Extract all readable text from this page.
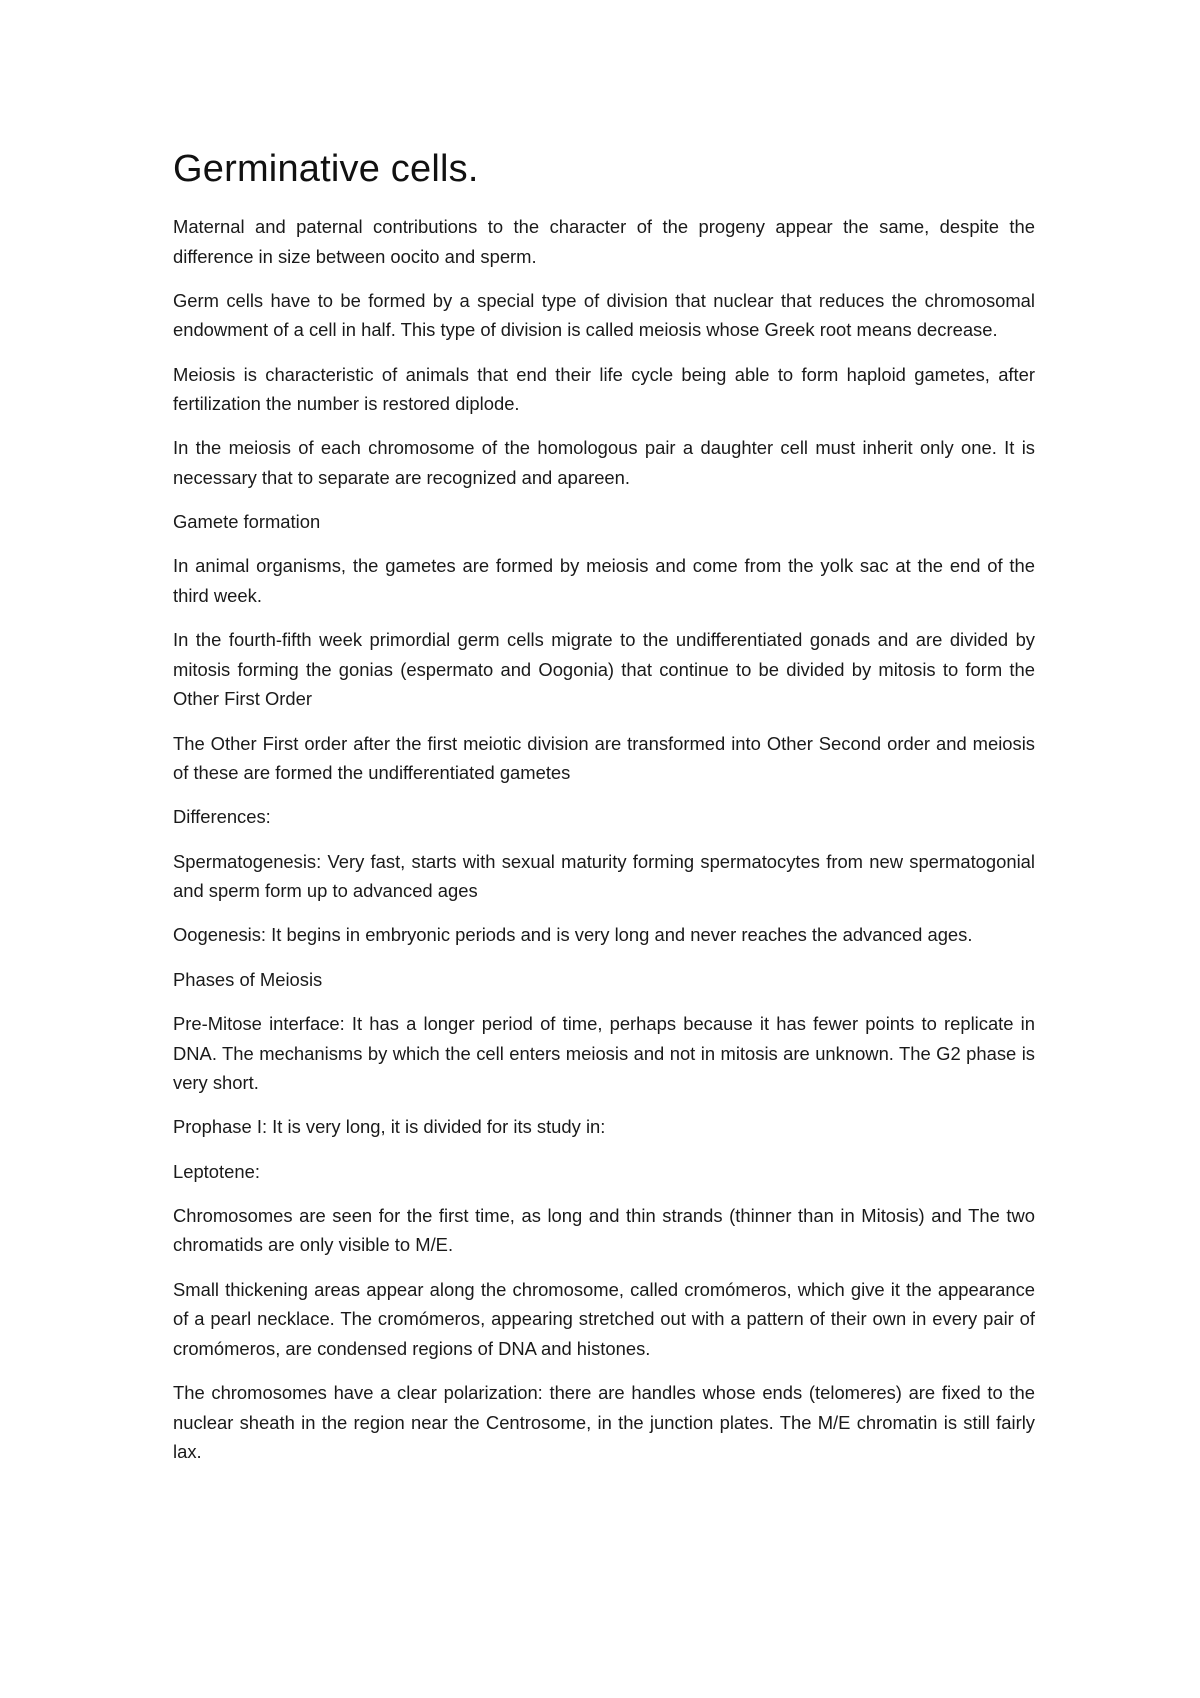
Germinative cells.

Maternal and paternal contributions to the character of the progeny appear the same, despite the difference in size between oocito and sperm.

Germ cells have to be formed by a special type of division that nuclear that reduces the chromosomal endowment of a cell in half. This type of division is called meiosis whose Greek root means decrease.

Meiosis is characteristic of animals that end their life cycle being able to form haploid gametes, after fertilization the number is restored diplode.

In the meiosis of each chromosome of the homologous pair a daughter cell must inherit only one. It is necessary that to separate are recognized and apareen.

Gamete formation

In animal organisms, the gametes are formed by meiosis and come from the yolk sac at the end of the third week.

In the fourth-fifth week primordial germ cells migrate to the undifferentiated gonads and are divided by mitosis forming the gonias (espermato and Oogonia) that continue to be divided by mitosis to form the Other First Order

The Other First order after the first meiotic division are transformed into Other Second order and meiosis of these are formed the undifferentiated gametes

Differences:

Spermatogenesis: Very fast, starts with sexual maturity forming spermatocytes from new spermatogonial and sperm form up to advanced ages

Oogenesis: It begins in embryonic periods and is very long and never reaches the advanced ages.

Phases of Meiosis

Pre-Mitose interface: It has a longer period of time, perhaps because it has fewer points to replicate in DNA. The mechanisms by which the cell enters meiosis and not in mitosis are unknown. The G2 phase is very short.

Prophase I: It is very long, it is divided for its study in:

Leptotene:

Chromosomes are seen for the first time, as long and thin strands (thinner than in Mitosis) and The two chromatids are only visible to M/E.

Small thickening areas appear along the chromosome, called cromómeros, which give it the appearance of a pearl necklace. The cromómeros, appearing stretched out with a pattern of their own in every pair of cromómeros, are condensed regions of DNA and histones.

The chromosomes have a clear polarization: there are handles whose ends (telomeres) are fixed to the nuclear sheath in the region near the Centrosome, in the junction plates. The M/E chromatin is still fairly lax.
